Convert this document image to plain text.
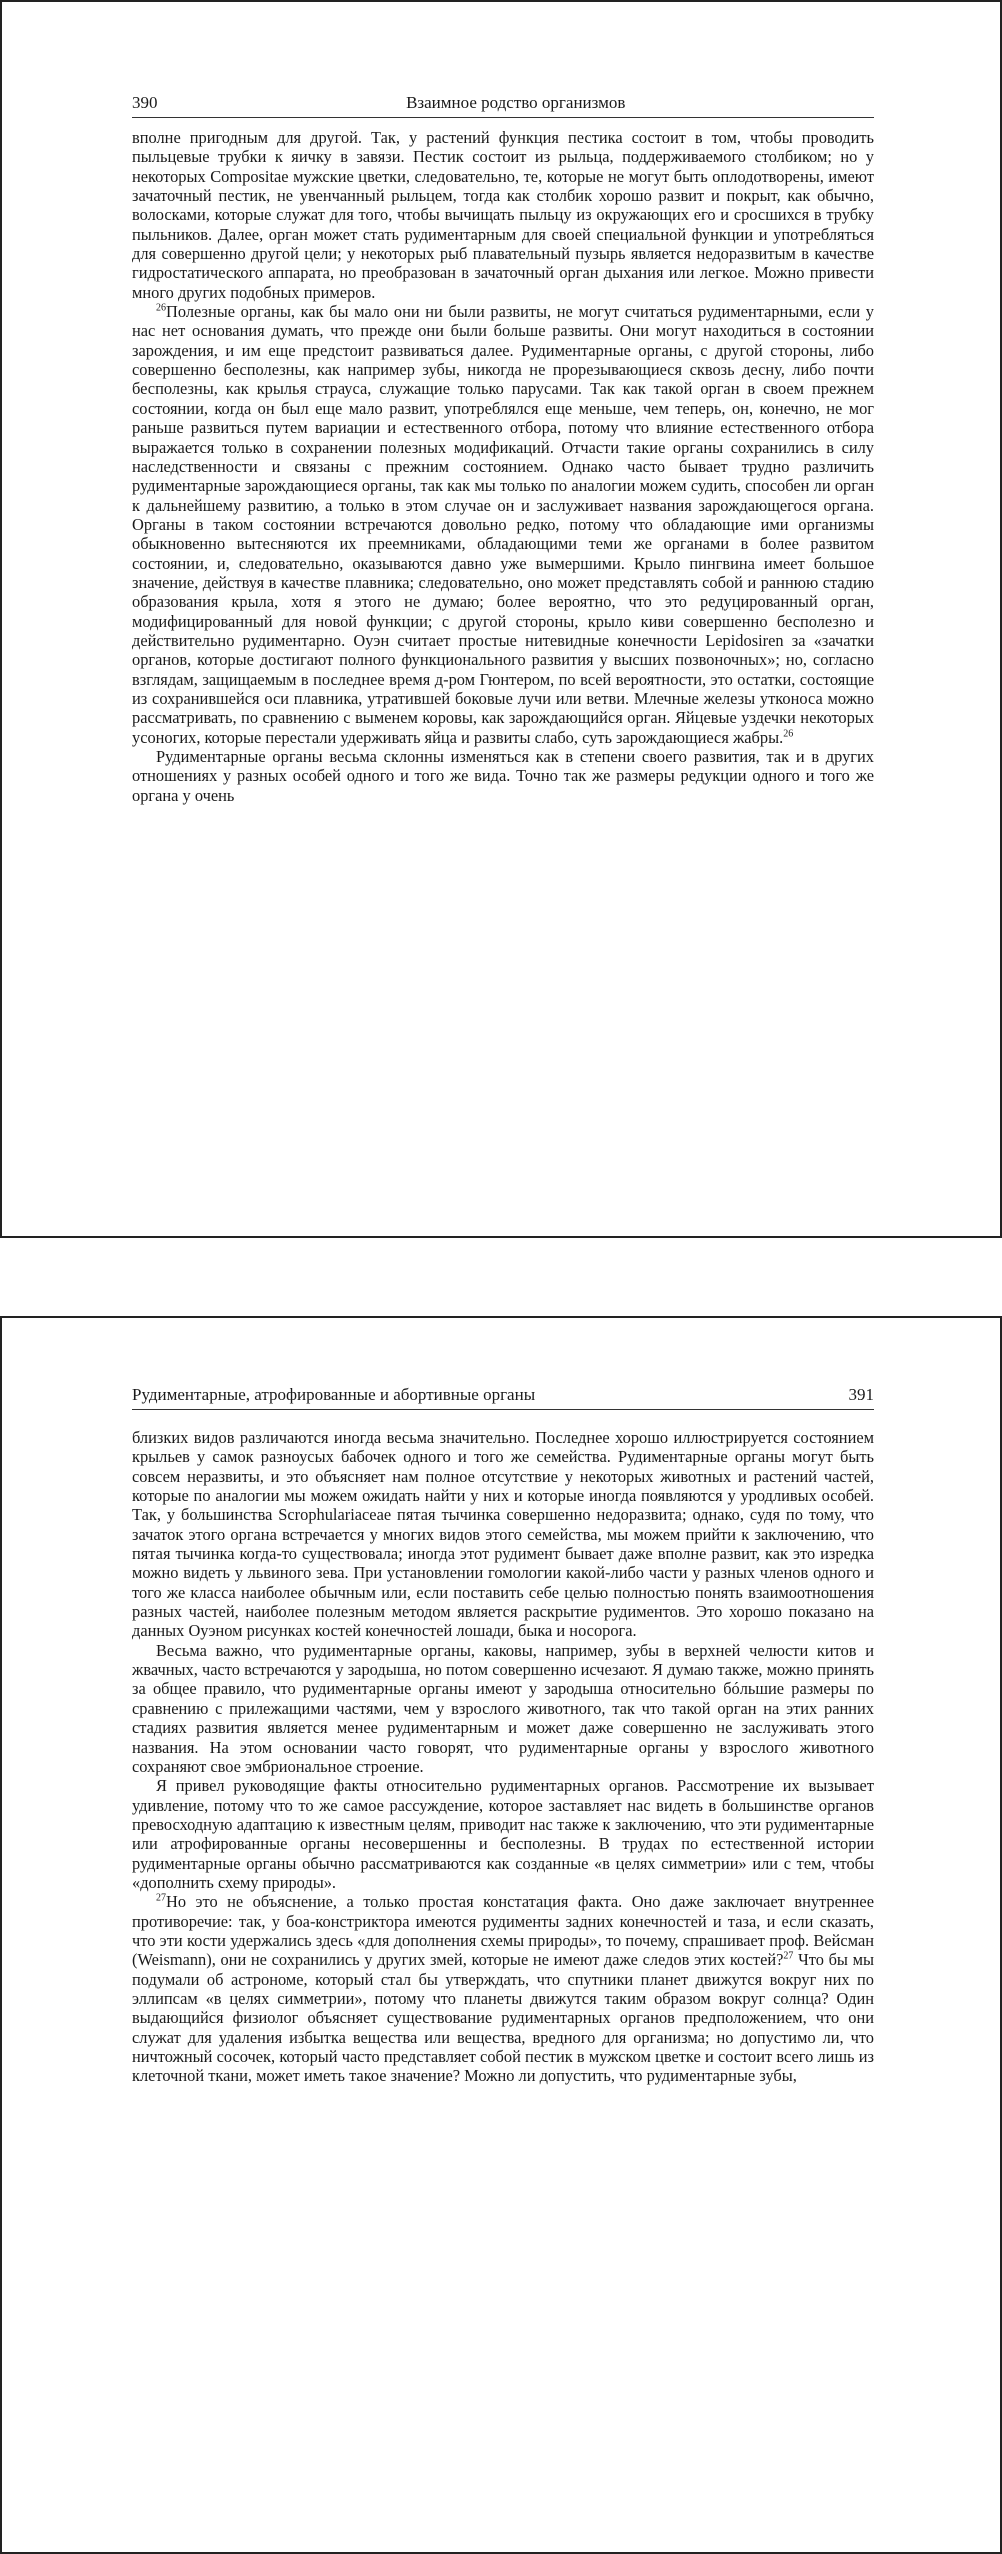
390	Взаимное родство организмов

вполне пригодным для другой. Так, у растений функция пестика состоит в том, чтобы проводить пыльцевые трубки к яичку в завязи. Пестик состоит из рыльца, поддерживаемого столбиком; но у некоторых Compositae мужские цветки, следовательно, те, которые не могут быть оплодотворены, имеют зачаточный пестик, не увенчанный рыльцем, тогда как столбик хорошо развит и покрыт, как обычно, волосками, которые служат для того, чтобы вычищать пыльцу из окружающих его и сросшихся в трубку пыльников. Далее, орган может стать рудиментарным для своей специальной функции и употребляться для совершенно другой цели; у некоторых рыб плавательный пузырь является недоразвитым в качестве гидростатического аппарата, но преобразован в зачаточный орган дыхания или легкое. Можно привести много других подобных примеров.

$^{26}$Полезные органы, как бы мало они ни были развиты, не могут считаться рудиментарными, если у нас нет основания думать, что прежде они были больше развиты. Они могут находиться в состоянии зарождения, и им еще предстоит развиваться далее. Рудиментарные органы, с другой стороны, либо совершенно бесполезны, как например зубы, никогда не прорезывающиеся сквозь десну, либо почти бесполезны, как крылья страуса, служащие только парусами. Так как такой орган в своем прежнем состоянии, когда он был еще мало развит, употреблялся еще меньше, чем теперь, он, конечно, не мог раньше развиться путем вариации и естественного отбора, потому что влияние естественного отбора выражается только в сохранении полезных модификаций. Отчасти такие органы сохранились в силу наследственности и связаны с прежним состоянием. Однако часто бывает трудно различить рудиментарные зарождающиеся органы, так как мы только по аналогии можем судить, способен ли орган к дальнейшему развитию, а только в этом случае он и заслуживает названия зарождающегося органа. Органы в таком состоянии встречаются довольно редко, потому что обладающие ими организмы обыкновенно вытесняются их преемниками, обладающими теми же органами в более развитом состоянии, и, следовательно, оказываются давно уже вымершими. Крыло пингвина имеет большое значение, действуя в качестве плавника; следовательно, оно может представлять собой и раннюю стадию образования крыла, хотя я этого не думаю; более вероятно, что это редуцированный орган, модифицированный для новой функции; с другой стороны, крыло киви совершенно бесполезно и действительно рудиментарно. Оуэн считает простые нитевидные конечности Lepidosiren за «зачатки органов, которые достигают полного функционального развития у высших позвоночных»; но, согласно взглядам, защищаемым в последнее время д-ром Гюнтером, по всей вероятности, это остатки, состоящие из сохранившейся оси плавника, утратившей боковые лучи или ветви. Млечные железы утконоса можно рассматривать, по сравнению с выменем коровы, как зарождающийся орган. Яйцевые уздечки некоторых усоногих, которые перестали удерживать яйца и развиты слабо, суть зарождающиеся жабры.$^{26}$

Рудиментарные органы весьма склонны изменяться как в степени своего развития, так и в других отношениях у разных особей одного и того же вида. Точно так же размеры редукции одного и того же органа у очень

Рудиментарные, атрофированные и абортивные органы	391

близких видов различаются иногда весьма значительно. Последнее хорошо иллюстрируется состоянием крыльев у самок разноусых бабочек одного и того же семейства. Рудиментарные органы могут быть совсем неразвиты, и это объясняет нам полное отсутствие у некоторых животных и растений частей, которые по аналогии мы можем ожидать найти у них и которые иногда появляются у уродливых особей. Так, у большинства Scrophulariaceae пятая тычинка совершенно недоразвита; однако, судя по тому, что зачаток этого органа встречается у многих видов этого семейства, мы можем прийти к заключению, что пятая тычинка когда-то существовала; иногда этот рудимент бывает даже вполне развит, как это изредка можно видеть у львиного зева. При установлении гомологии какой-либо части у разных членов одного и того же класса наиболее обычным или, если поставить себе целью полностью понять взаимоотношения разных частей, наиболее полезным методом является раскрытие рудиментов. Это хорошо показано на данных Оуэном рисунках костей конечностей лошади, быка и носорога.

Весьма важно, что рудиментарные органы, каковы, например, зубы в верхней челюсти китов и жвачных, часто встречаются у зародыша, но потом совершенно исчезают. Я думаю также, можно принять за общее правило, что рудиментарные органы имеют у зародыша относительно бóльшие размеры по сравнению с прилежащими частями, чем у взрослого животного, так что такой орган на этих ранних стадиях развития является менее рудиментарным и может даже совершенно не заслуживать этого названия. На этом основании часто говорят, что рудиментарные органы у взрослого животного сохраняют свое эмбриональное строение.

Я привел руководящие факты относительно рудиментарных органов. Рассмотрение их вызывает удивление, потому что то же самое рассуждение, которое заставляет нас видеть в большинстве органов превосходную адаптацию к известным целям, приводит нас также к заключению, что эти рудиментарные или атрофированные органы несовершенны и бесполезны. В трудах по естественной истории рудиментарные органы обычно рассматриваются как созданные «в целях симметрии» или с тем, чтобы «дополнить схему природы».

$^{27}$Но это не объяснение, а только простая констатация факта. Оно даже заключает внутреннее противоречие: так, у боа-констриктора имеются рудименты задних конечностей и таза, и если сказать, что эти кости удержались здесь «для дополнения схемы природы», то почему, спрашивает проф. Вейсман (Weismann), они не сохранились у других змей, которые не имеют даже следов этих костей?$^{27}$ Что бы мы подумали об астрономе, который стал бы утверждать, что спутники планет движутся вокруг них по эллипсам «в целях симметрии», потому что планеты движутся таким образом вокруг солнца? Один выдающийся физиолог объясняет существование рудиментарных органов предположением, что они служат для удаления избытка вещества или вещества, вредного для организма; но допустимо ли, что ничтожный сосочек, который часто представляет собой пестик в мужском цветке и состоит всего лишь из клеточной ткани, может иметь такое значение? Можно ли допустить, что рудиментарные зубы,
